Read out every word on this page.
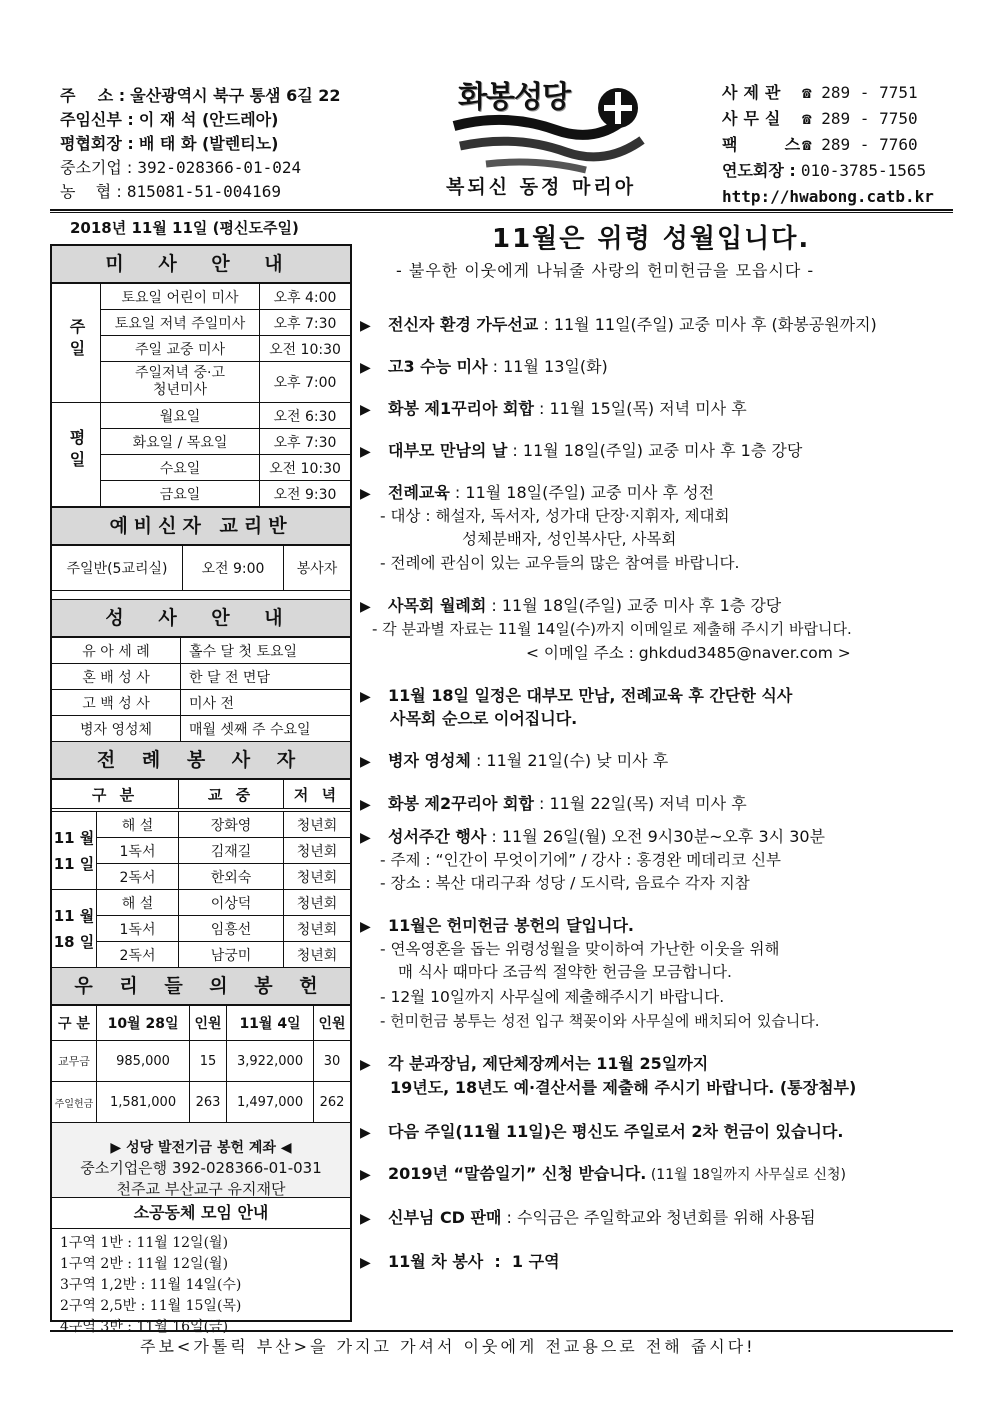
주    소 : 울산광역시 북구 통샘 6길 22
주임신부 : 이 재 석 (안드레아)
평협회장 : 배 태 화 (발렌티노)
중소기업 : 392-028366-01-024
농    협 : 815081-51-004169
화봉성당
복되신 동정 마리아
사제관 ☎ 289 - 7751
사무실 ☎ 289 - 7750
팩  스☎ 289 - 7760
연도회장 : 010-3785-1565
http://hwabong.catb.kr
2018년 11월 11일 (평신도주일)
미 사 안 내
주일	토요일 어린이 미사	오후 4:00
	토요일 저녁 주일미사	오후 7:30
	주일 교중 미사	오전 10:30
	주일저녁 중·고 청년미사	오후 7:00
평일	월요일	오전 6:30
	화요일 / 목요일	오후 7:30
	수요일	오전 10:30
	금요일	오전 9:30
예비신자 교리반
주일반(5교리실)	오전 9:00	봉사자
성 사 안 내
유 아 세 례	홀수 달 첫 토요일
혼 배 성 사	한 달 전 면담
고 백 성 사	미사 전
병자 영성체	매월 셋째 주 수요일
전 례 봉 사 자
구 분		교 중	저 녁

11 월 11 일	해 설	장화영	청년회
	1독서	김재길	청년회
	2독서	한외숙	청년회
11 월 18 일	해 설	이상덕	청년회
	1독서	임흥선	청년회
	2독서	남궁미	청년회
우 리 들 의 봉 헌
구 분	10월 28일	인원	11월 4일	인원
교무금	985,000	15	3,922,000	30
주일헌금	1,581,000	263	1,497,000	262
▶ 성당 발전기금 봉헌 계좌 ◀
중소기업은행 392-028366-01-031
천주교 부산교구 유지재단
소공동체 모임 안내
1구역 1반 : 11월 12일(월)
1구역 2반 : 11월 12일(월)
3구역 1,2반 : 11월 14일(수)
2구역 2,5반 : 11월 15일(목)
4구역 3반 : 11월 16일(금)
11월은 위령 성월입니다.
- 불우한 이웃에게 나눠줄 사랑의 헌미헌금을 모읍시다 -
▶ 전신자 환경 가두선교 : 11월 11일(주일) 교중 미사 후 (화봉공원까지)
▶ 고3 수능 미사 : 11월 13일(화)
▶ 화봉 제1꾸리아 회합 : 11월 15일(목) 저녁 미사 후
▶ 대부모 만남의 날 : 11월 18일(주일) 교중 미사 후 1층 강당
▶ 전례교육 : 11월 18일(주일) 교중 미사 후 성전
- 대상 : 해설자, 독서자, 성가대 단장·지휘자, 제대회
성체분배자, 성인복사단, 사목회
- 전례에 관심이 있는 교우들의 많은 참여를 바랍니다.
▶ 사목회 월례회 : 11월 18일(주일) 교중 미사 후 1층 강당
- 각 분과별 자료는 11월 14일(수)까지 이메일로 제출해 주시기 바랍니다.
< 이메일 주소 : ghkdud3485@naver.com >
▶ 11월 18일 일정은 대부모 만남, 전례교육 후 간단한 식사
사목회 순으로 이어집니다.
▶ 병자 영성체 : 11월 21일(수) 낮 미사 후
▶ 화봉 제2꾸리아 회합 : 11월 22일(목) 저녁 미사 후
▶ 성서주간 행사 : 11월 26일(월) 오전 9시30분~오후 3시 30분
- 주제 : “인간이 무엇이기에” / 강사 : 홍경완 메데리코 신부
- 장소 : 복산 대리구좌 성당 / 도시락, 음료수 각자 지참
▶ 11월은 헌미헌금 봉헌의 달입니다.
- 연옥영혼을 돕는 위령성월을 맞이하여 가난한 이웃을 위해
매 식사 때마다 조금씩 절약한 헌금을 모금합니다.
- 12월 10일까지 사무실에 제출해주시기 바랍니다.
- 헌미헌금 봉투는 성전 입구 책꽂이와 사무실에 배치되어 있습니다.
▶ 각 분과장님, 제단체장께서는 11월 25일까지
19년도, 18년도 예·결산서를 제출해 주시기 바랍니다. (통장첨부)
▶ 다음 주일(11월 11일)은 평신도 주일로서 2차 헌금이 있습니다.
▶ 2019년 “말씀일기” 신청 받습니다. (11월 18일까지 사무실로 신청)
▶ 신부님 CD 판매 : 수익금은 주일학교와 청년회를 위해 사용됨
▶ 11월 차 봉사  :  1 구역
주보<가톨릭 부산>을 가지고 가셔서 이웃에게 전교용으로 전해 줍시다!
